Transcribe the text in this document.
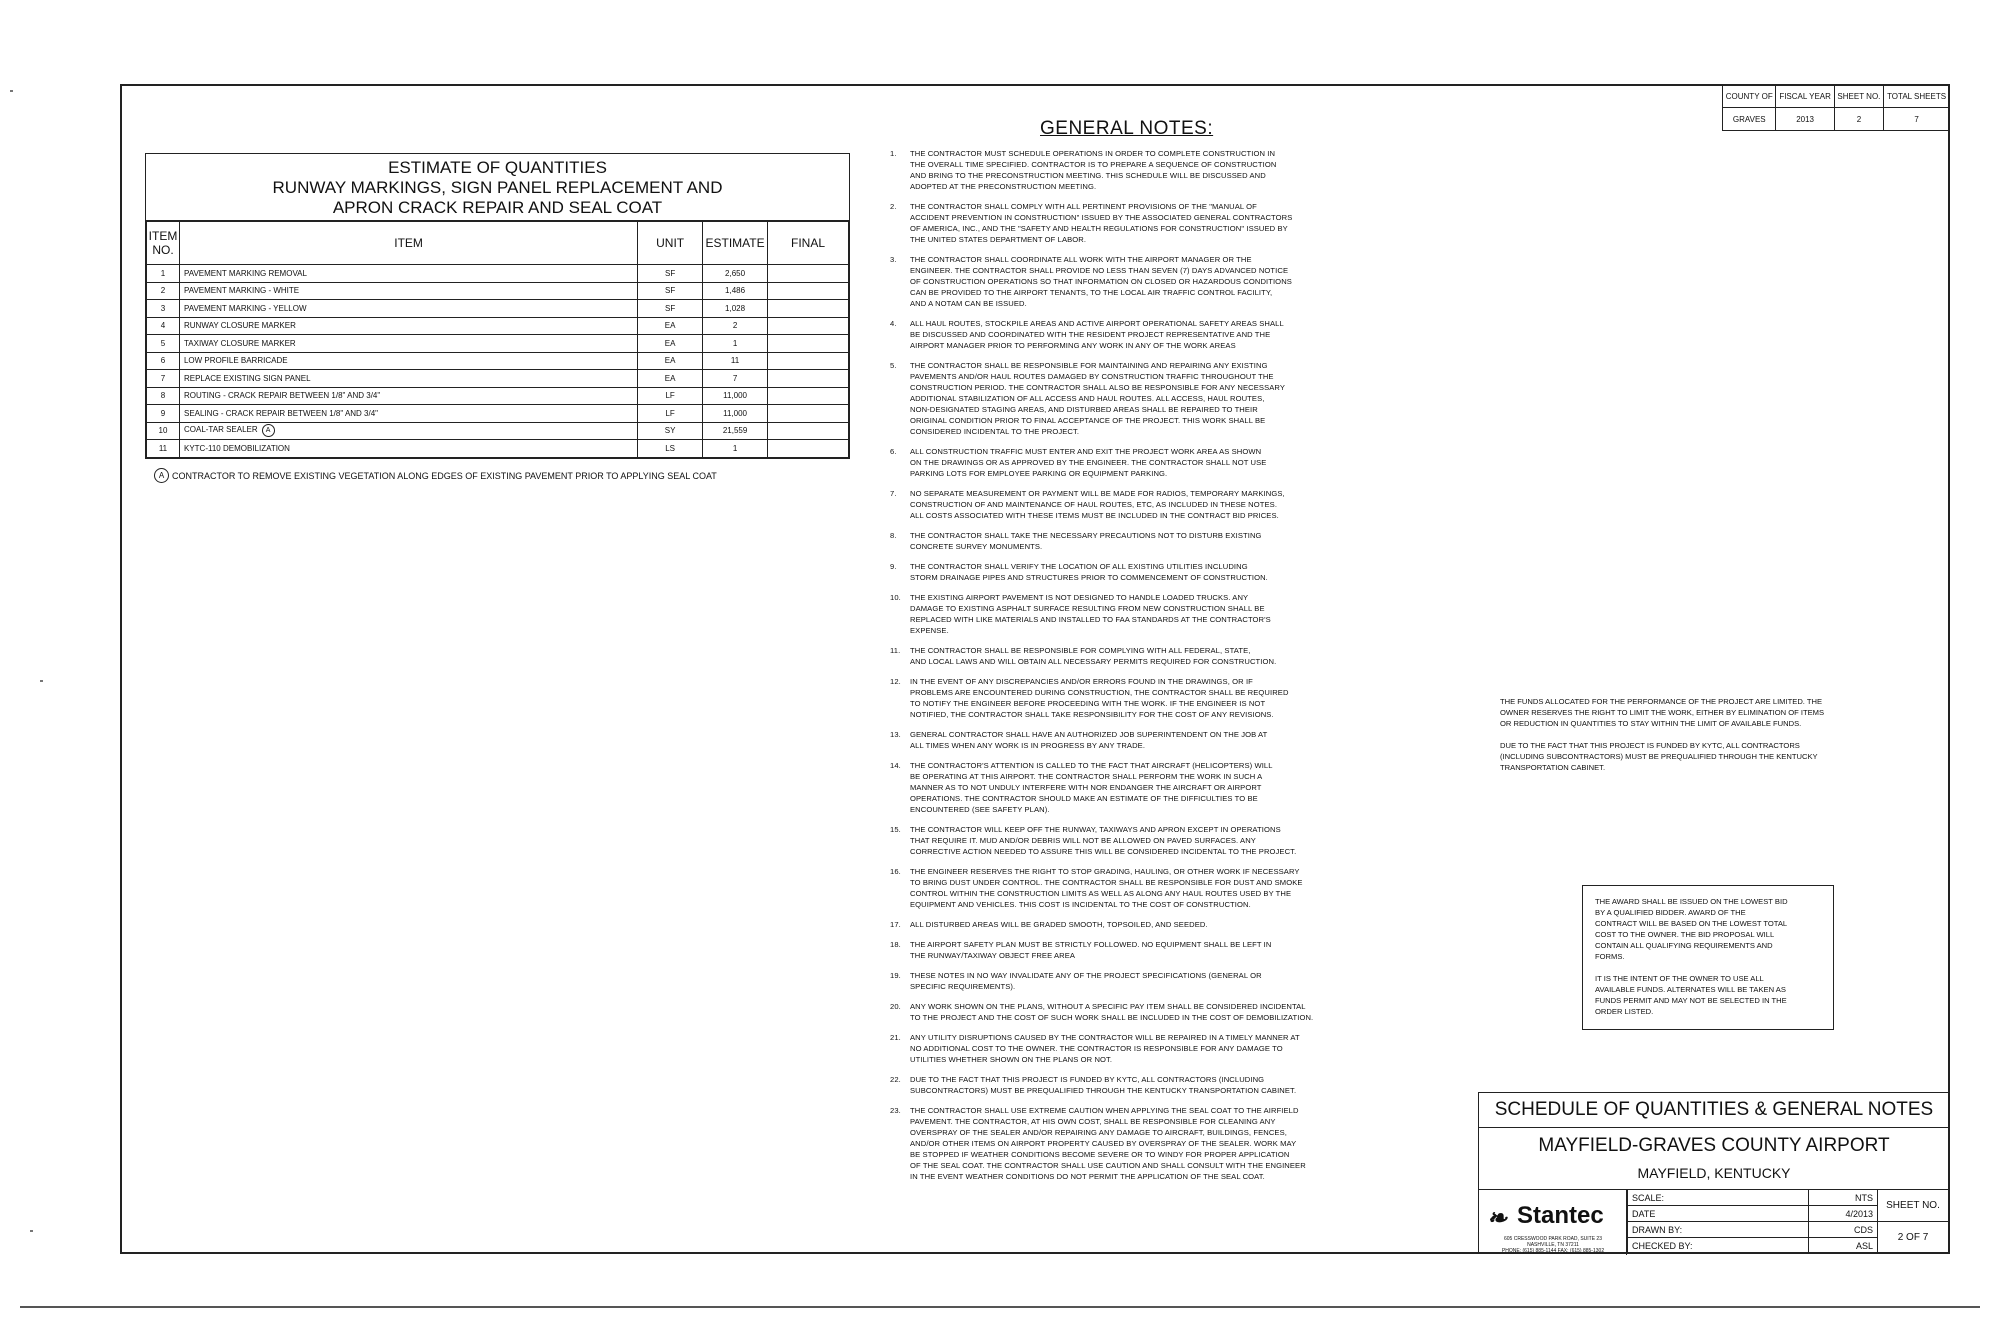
COUNTY OF	FISCAL YEAR	SHEET NO.	TOTAL SHEETS
GRAVES	2013	2	7
ESTIMATE OF QUANTITIES
RUNWAY MARKINGS, SIGN PANEL REPLACEMENT AND
APRON CRACK REPAIR AND SEAL COAT
ITEM NO.	ITEM	UNIT	ESTIMATE	FINAL
1	PAVEMENT MARKING REMOVAL	SF	2,650	
2	PAVEMENT MARKING - WHITE	SF	1,486	
3	PAVEMENT MARKING - YELLOW	SF	1,028	
4	RUNWAY CLOSURE MARKER	EA	2	
5	TAXIWAY CLOSURE MARKER	EA	1	
6	LOW PROFILE BARRICADE	EA	11	
7	REPLACE EXISTING SIGN PANEL	EA	7	
8	ROUTING - CRACK REPAIR BETWEEN 1/8" AND 3/4"	LF	11,000	
9	SEALING - CRACK REPAIR BETWEEN 1/8" AND 3/4"	LF	11,000	
10	COAL-TAR SEALER A	SY	21,559	
11	KYTC-110 DEMOBILIZATION	LS	1	
A CONTRACTOR TO REMOVE EXISTING VEGETATION ALONG EDGES OF EXISTING PAVEMENT PRIOR TO APPLYING SEAL COAT
GENERAL NOTES:
1.	THE CONTRACTOR MUST SCHEDULE OPERATIONS IN ORDER TO COMPLETE CONSTRUCTION IN
THE OVERALL TIME SPECIFIED. CONTRACTOR IS TO PREPARE A SEQUENCE OF CONSTRUCTION
AND BRING TO THE PRECONSTRUCTION MEETING. THIS SCHEDULE WILL BE DISCUSSED AND
ADOPTED AT THE PRECONSTRUCTION MEETING.
2.	THE CONTRACTOR SHALL COMPLY WITH ALL PERTINENT PROVISIONS OF THE "MANUAL OF
ACCIDENT PREVENTION IN CONSTRUCTION" ISSUED BY THE ASSOCIATED GENERAL CONTRACTORS
OF AMERICA, INC., AND THE "SAFETY AND HEALTH REGULATIONS FOR CONSTRUCTION" ISSUED BY
THE UNITED STATES DEPARTMENT OF LABOR.
3.	THE CONTRACTOR SHALL COORDINATE ALL WORK WITH THE AIRPORT MANAGER OR THE
ENGINEER. THE CONTRACTOR SHALL PROVIDE NO LESS THAN SEVEN (7) DAYS ADVANCED NOTICE
OF CONSTRUCTION OPERATIONS SO THAT INFORMATION ON CLOSED OR HAZARDOUS CONDITIONS
CAN BE PROVIDED TO THE AIRPORT TENANTS, TO THE LOCAL AIR TRAFFIC CONTROL FACILITY,
AND A NOTAM CAN BE ISSUED.
4.	ALL HAUL ROUTES, STOCKPILE AREAS AND ACTIVE AIRPORT OPERATIONAL SAFETY AREAS SHALL
BE DISCUSSED AND COORDINATED WITH THE RESIDENT PROJECT REPRESENTATIVE AND THE
AIRPORT MANAGER PRIOR TO PERFORMING ANY WORK IN ANY OF THE WORK AREAS
5.	THE CONTRACTOR SHALL BE RESPONSIBLE FOR MAINTAINING AND REPAIRING ANY EXISTING
PAVEMENTS AND/OR HAUL ROUTES DAMAGED BY CONSTRUCTION TRAFFIC THROUGHOUT THE
CONSTRUCTION PERIOD. THE CONTRACTOR SHALL ALSO BE RESPONSIBLE FOR ANY NECESSARY
ADDITIONAL STABILIZATION OF ALL ACCESS AND HAUL ROUTES. ALL ACCESS, HAUL ROUTES,
NON-DESIGNATED STAGING AREAS, AND DISTURBED AREAS SHALL BE REPAIRED TO THEIR
ORIGINAL CONDITION PRIOR TO FINAL ACCEPTANCE OF THE PROJECT. THIS WORK SHALL BE
CONSIDERED INCIDENTAL TO THE PROJECT.
6.	ALL CONSTRUCTION TRAFFIC MUST ENTER AND EXIT THE PROJECT WORK AREA AS SHOWN
ON THE DRAWINGS OR AS APPROVED BY THE ENGINEER. THE CONTRACTOR SHALL NOT USE
PARKING LOTS FOR EMPLOYEE PARKING OR EQUIPMENT PARKING.
7.	NO SEPARATE MEASUREMENT OR PAYMENT WILL BE MADE FOR RADIOS, TEMPORARY MARKINGS,
CONSTRUCTION OF AND MAINTENANCE OF HAUL ROUTES, ETC, AS INCLUDED IN THESE NOTES.
ALL COSTS ASSOCIATED WITH THESE ITEMS MUST BE INCLUDED IN THE CONTRACT BID PRICES.
8.	THE CONTRACTOR SHALL TAKE THE NECESSARY PRECAUTIONS NOT TO DISTURB EXISTING
CONCRETE SURVEY MONUMENTS.
9.	THE CONTRACTOR SHALL VERIFY THE LOCATION OF ALL EXISTING UTILITIES INCLUDING
STORM DRAINAGE PIPES AND STRUCTURES PRIOR TO COMMENCEMENT OF CONSTRUCTION.
10.	THE EXISTING AIRPORT PAVEMENT IS NOT DESIGNED TO HANDLE LOADED TRUCKS. ANY
DAMAGE TO EXISTING ASPHALT SURFACE RESULTING FROM NEW CONSTRUCTION SHALL BE
REPLACED WITH LIKE MATERIALS AND INSTALLED TO FAA STANDARDS AT THE CONTRACTOR'S
EXPENSE.
11.	THE CONTRACTOR SHALL BE RESPONSIBLE FOR COMPLYING WITH ALL FEDERAL, STATE,
AND LOCAL LAWS AND WILL OBTAIN ALL NECESSARY PERMITS REQUIRED FOR CONSTRUCTION.
12.	IN THE EVENT OF ANY DISCREPANCIES AND/OR ERRORS FOUND IN THE DRAWINGS, OR IF
PROBLEMS ARE ENCOUNTERED DURING CONSTRUCTION, THE CONTRACTOR SHALL BE REQUIRED
TO NOTIFY THE ENGINEER BEFORE PROCEEDING WITH THE WORK. IF THE ENGINEER IS NOT
NOTIFIED, THE CONTRACTOR SHALL TAKE RESPONSIBILITY FOR THE COST OF ANY REVISIONS.
13.	GENERAL CONTRACTOR SHALL HAVE AN AUTHORIZED JOB SUPERINTENDENT ON THE JOB AT
ALL TIMES WHEN ANY WORK IS IN PROGRESS BY ANY TRADE.
14.	THE CONTRACTOR'S ATTENTION IS CALLED TO THE FACT THAT AIRCRAFT (HELICOPTERS) WILL
BE OPERATING AT THIS AIRPORT. THE CONTRACTOR SHALL PERFORM THE WORK IN SUCH A
MANNER AS TO NOT UNDULY INTERFERE WITH NOR ENDANGER THE AIRCRAFT OR AIRPORT
OPERATIONS. THE CONTRACTOR SHOULD MAKE AN ESTIMATE OF THE DIFFICULTIES TO BE
ENCOUNTERED (SEE SAFETY PLAN).
15.	THE CONTRACTOR WILL KEEP OFF THE RUNWAY, TAXIWAYS AND APRON EXCEPT IN OPERATIONS
THAT REQUIRE IT. MUD AND/OR DEBRIS WILL NOT BE ALLOWED ON PAVED SURFACES. ANY
CORRECTIVE ACTION NEEDED TO ASSURE THIS WILL BE CONSIDERED INCIDENTAL TO THE PROJECT.
16.	THE ENGINEER RESERVES THE RIGHT TO STOP GRADING, HAULING, OR OTHER WORK IF NECESSARY
TO BRING DUST UNDER CONTROL. THE CONTRACTOR SHALL BE RESPONSIBLE FOR DUST AND SMOKE
CONTROL WITHIN THE CONSTRUCTION LIMITS AS WELL AS ALONG ANY HAUL ROUTES USED BY THE
EQUIPMENT AND VEHICLES. THIS COST IS INCIDENTAL TO THE COST OF CONSTRUCTION.
17.	ALL DISTURBED AREAS WILL BE GRADED SMOOTH, TOPSOILED, AND SEEDED.
18.	THE AIRPORT SAFETY PLAN MUST BE STRICTLY FOLLOWED. NO EQUIPMENT SHALL BE LEFT IN
THE RUNWAY/TAXIWAY OBJECT FREE AREA
19.	THESE NOTES IN NO WAY INVALIDATE ANY OF THE PROJECT SPECIFICATIONS (GENERAL OR
SPECIFIC REQUIREMENTS).
20.	ANY WORK SHOWN ON THE PLANS, WITHOUT A SPECIFIC PAY ITEM SHALL BE CONSIDERED INCIDENTAL
TO THE PROJECT AND THE COST OF SUCH WORK SHALL BE INCLUDED IN THE COST OF DEMOBILIZATION.
21.	ANY UTILITY DISRUPTIONS CAUSED BY THE CONTRACTOR WILL BE REPAIRED IN A TIMELY MANNER AT
NO ADDITIONAL COST TO THE OWNER. THE CONTRACTOR IS RESPONSIBLE FOR ANY DAMAGE TO
UTILITIES WHETHER SHOWN ON THE PLANS OR NOT.
22.	DUE TO THE FACT THAT THIS PROJECT IS FUNDED BY KYTC, ALL CONTRACTORS (INCLUDING
SUBCONTRACTORS) MUST BE PREQUALIFIED THROUGH THE KENTUCKY TRANSPORTATION CABINET.
23.	THE CONTRACTOR SHALL USE EXTREME CAUTION WHEN APPLYING THE SEAL COAT TO THE AIRFIELD
PAVEMENT. THE CONTRACTOR, AT HIS OWN COST, SHALL BE RESPONSIBLE FOR CLEANING ANY
OVERSPRAY OF THE SEALER AND/OR REPAIRING ANY DAMAGE TO AIRCRAFT, BUILDINGS, FENCES,
AND/OR OTHER ITEMS ON AIRPORT PROPERTY CAUSED BY OVERSPRAY OF THE SEALER. WORK MAY
BE STOPPED IF WEATHER CONDITIONS BECOME SEVERE OR TO WINDY FOR PROPER APPLICATION
OF THE SEAL COAT. THE CONTRACTOR SHALL USE CAUTION AND SHALL CONSULT WITH THE ENGINEER
IN THE EVENT WEATHER CONDITIONS DO NOT PERMIT THE APPLICATION OF THE SEAL COAT.
THE FUNDS ALLOCATED FOR THE PERFORMANCE OF THE PROJECT ARE LIMITED. THE
OWNER RESERVES THE RIGHT TO LIMIT THE WORK, EITHER BY ELIMINATION OF ITEMS
OR REDUCTION IN QUANTITIES TO STAY WITHIN THE LIMIT OF AVAILABLE FUNDS.

DUE TO THE FACT THAT THIS PROJECT IS FUNDED BY KYTC, ALL CONTRACTORS
(INCLUDING SUBCONTRACTORS) MUST BE PREQUALIFIED THROUGH THE KENTUCKY
TRANSPORTATION CABINET.
THE AWARD SHALL BE ISSUED ON THE LOWEST BID
BY A QUALIFIED BIDDER. AWARD OF THE
CONTRACT WILL BE BASED ON THE LOWEST TOTAL
COST TO THE OWNER. THE BID PROPOSAL WILL
CONTAIN ALL QUALIFYING REQUIREMENTS AND
FORMS.

IT IS THE INTENT OF THE OWNER TO USE ALL
AVAILABLE FUNDS. ALTERNATES WILL BE TAKEN AS
FUNDS PERMIT AND MAY NOT BE SELECTED IN THE
ORDER LISTED.
SCHEDULE OF QUANTITIES & GENERAL NOTES
MAYFIELD-GRAVES COUNTY AIRPORT
MAYFIELD, KENTUCKY
❧ Stantec
605 CRESSWOOD PARK ROAD, SUITE 23
NASHVILLE, TN 37211
PHONE: (615) 885-1144 FAX: (615) 885-1302
SCALE:	NTS	SHEET NO.
DATE	4/2013	
DRAWN BY:	CDS	2 OF 7
CHECKED BY:	ASL	
